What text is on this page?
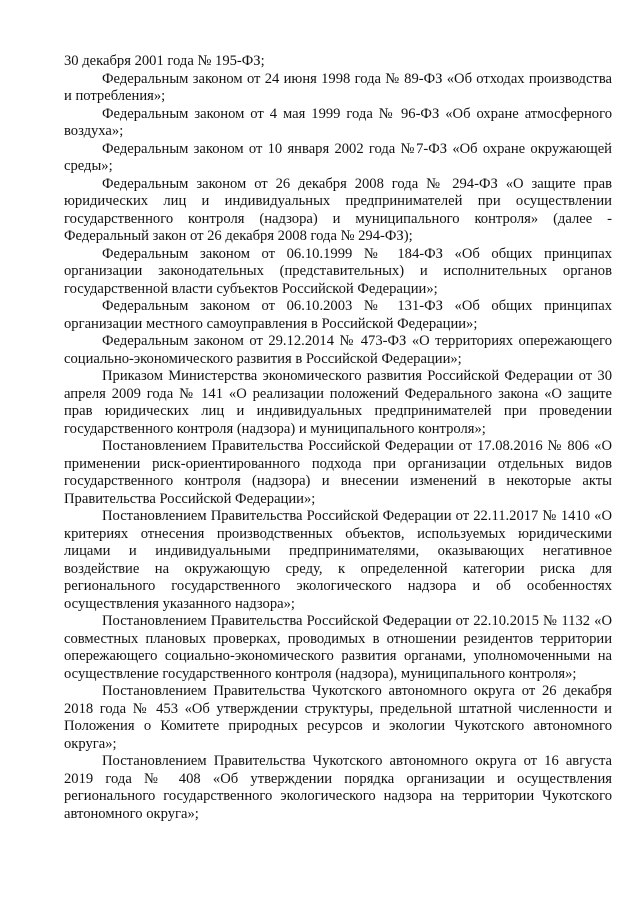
30 декабря 2001 года № 195-ФЗ;

Федеральным законом от 24 июня 1998 года № 89-ФЗ «Об отходах производства и потребления»;

Федеральным законом от 4 мая 1999 года № 96-ФЗ «Об охране атмосферного воздуха»;

Федеральным законом от 10 января 2002 года №7-ФЗ «Об охране окружающей среды»;

Федеральным законом от 26 декабря 2008 года № 294-ФЗ «О защите прав юридических лиц и индивидуальных предпринимателей при осуществлении государственного контроля (надзора) и муниципального контроля» (далее - Федеральный закон от 26 декабря 2008 года № 294-ФЗ);

Федеральным законом от 06.10.1999 № 184-ФЗ «Об общих принципах организации законодательных (представительных) и исполнительных органов государственной власти субъектов Российской Федерации»;

Федеральным законом от 06.10.2003 № 131-ФЗ «Об общих принципах организации местного самоуправления в Российской Федерации»;

Федеральным законом от 29.12.2014 № 473-ФЗ «О территориях опережающего социально-экономического развития в Российской Федерации»;

Приказом Министерства экономического развития Российской Федерации от 30 апреля 2009 года № 141 «О реализации положений Федерального закона «О защите прав юридических лиц и индивидуальных предпринимателей при проведении государственного контроля (надзора) и муниципального контроля»;

Постановлением Правительства Российской Федерации от 17.08.2016 № 806 «О применении риск-ориентированного подхода при организации отдельных видов государственного контроля (надзора) и внесении изменений в некоторые акты Правительства Российской Федерации»;

Постановлением Правительства Российской Федерации от 22.11.2017 № 1410 «О критериях отнесения производственных объектов, используемых юридическими лицами и индивидуальными предпринимателями, оказывающих негативное воздействие на окружающую среду, к определенной категории риска для регионального государственного экологического надзора и об особенностях осуществления указанного надзора»;

Постановлением Правительства Российской Федерации от 22.10.2015 № 1132 «О совместных плановых проверках, проводимых в отношении резидентов территории опережающего социально-экономического развития органами, уполномоченными на осуществление государственного контроля (надзора), муниципального контроля»;

Постановлением Правительства Чукотского автономного округа от 26 декабря 2018 года № 453 «Об утверждении структуры, предельной штатной численности и Положения о Комитете природных ресурсов и экологии Чукотского автономного округа»;

Постановлением Правительства Чукотского автономного округа от 16 августа 2019 года № 408 «Об утверждении порядка организации и осуществления регионального государственного экологического надзора на территории Чукотского автономного округа»;
